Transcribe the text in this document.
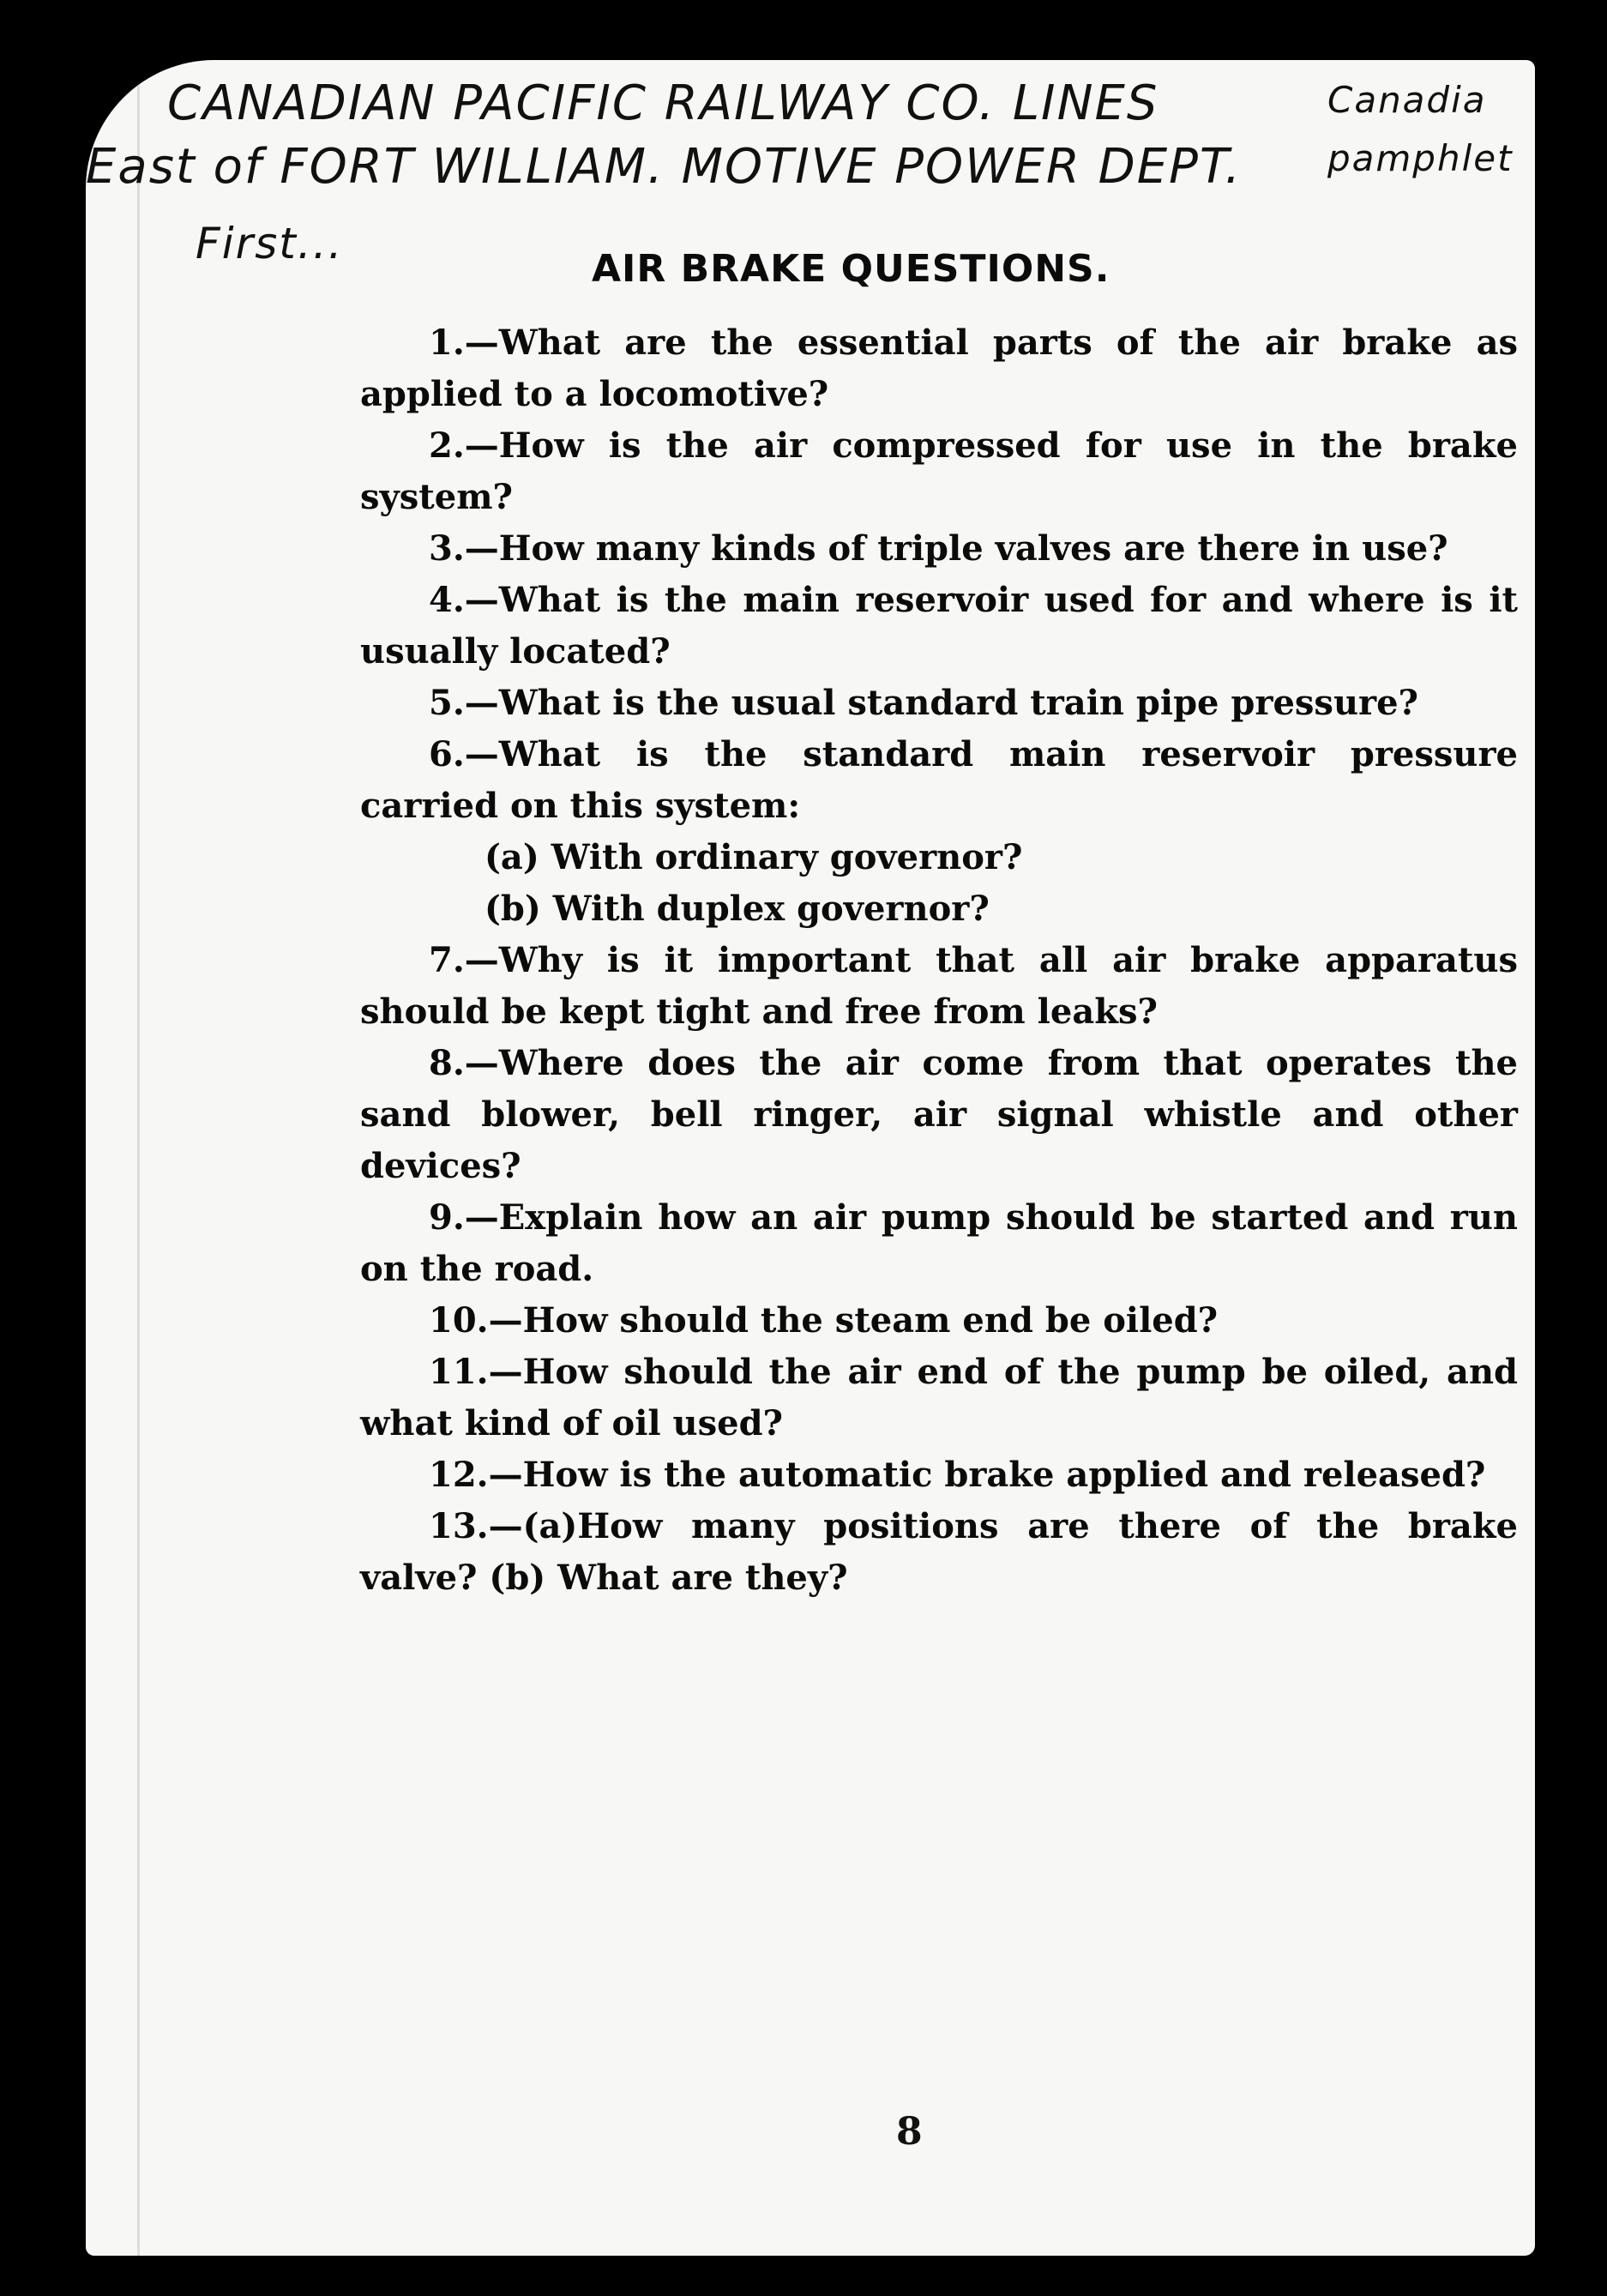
CANADIAN PACIFIC RAILWAY CO. LINES	Canadia
East of FORT WILLIAM. MOTIVE POWER DEPT. pamphlet
First...
AIR BRAKE QUESTIONS.

1.—What are the essential parts of the air brake as applied to a locomotive?

2.—How is the air compressed for use in the brake system?

3.—How many kinds of triple valves are there in use?

4.—What is the main reservoir used for and where is it usually located?

5.—What is the usual standard train pipe pressure?

6.—What is the standard main reservoir pressure carried on this system:

(a) With ordinary governor?

(b) With duplex governor?

7.—Why is it important that all air brake apparatus should be kept tight and free from leaks?

8.—Where does the air come from that operates the sand blower, bell ringer, air signal whistle and other devices?

9.—Explain how an air pump should be started and run on the road.

10.—How should the steam end be oiled?

11.—How should the air end of the pump be oiled, and what kind of oil used?

12.—How is the automatic brake applied and released?

13.—(a)How many positions are there of the brake valve? (b) What are they?

8
